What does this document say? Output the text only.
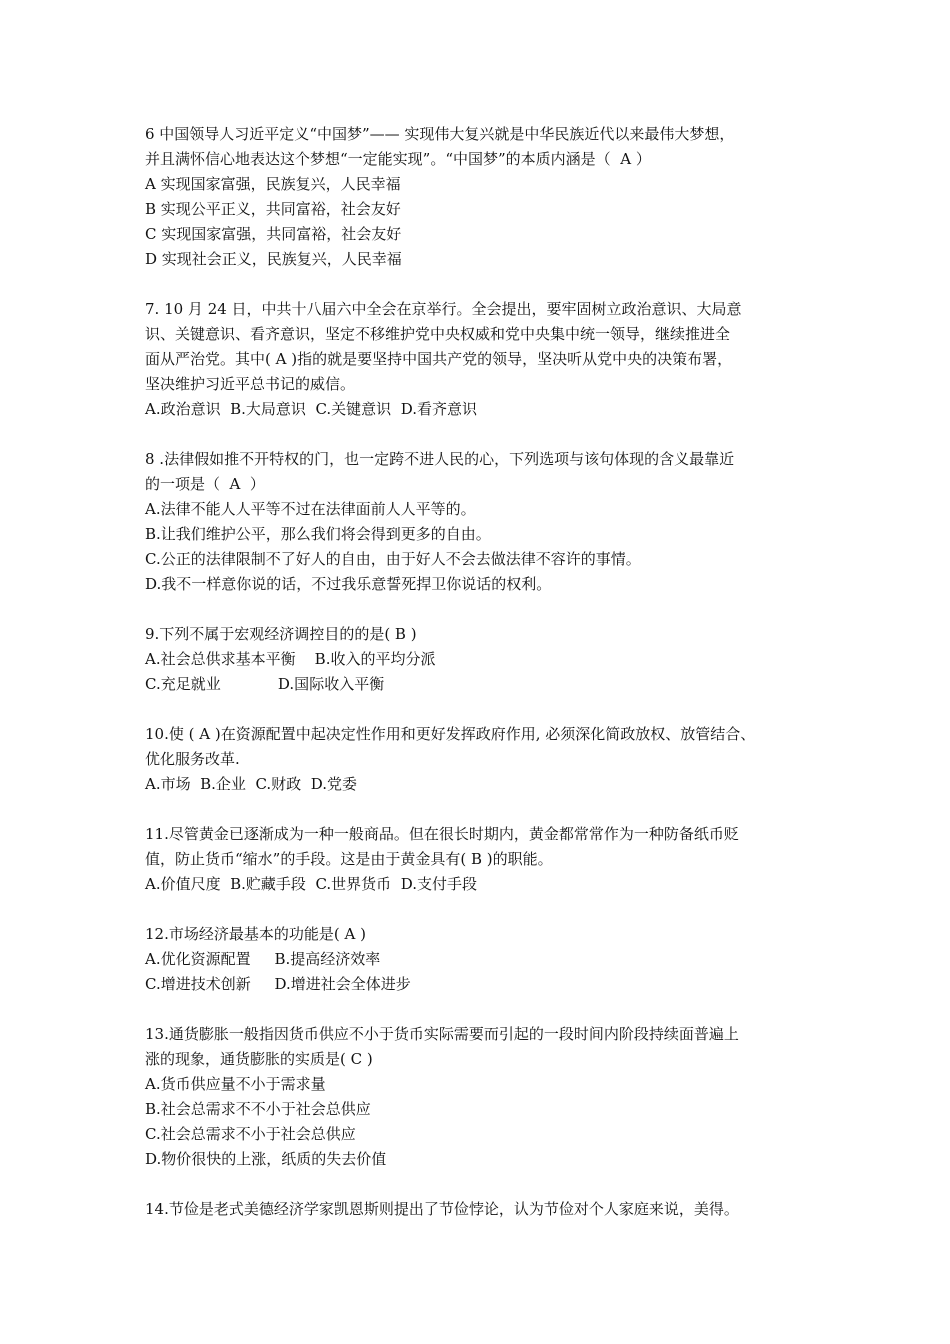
6 中国领导人习近平定义“中国梦”—— 实现伟大复兴就是中华民族近代以来最伟大梦想，
并且满怀信心地表达这个梦想“一定能实现”。“中国梦”的本质内涵是（  A ）
A 实现国家富强，民族复兴，人民幸福
B 实现公平正义，共同富裕，社会友好
C 实现国家富强，共同富裕，社会友好
D 实现社会正义，民族复兴，人民幸福
7. 10 月 24 日，中共十八届六中全会在京举行。全会提出，要牢固树立政治意识、大局意
识、关键意识、看齐意识，坚定不移维护党中央权威和党中央集中统一领导，继续推进全
面从严治党。其中( A )指的就是要坚持中国共产党的领导，坚决听从党中央的决策布署，
坚决维护习近平总书记的威信。
A.政治意识  B.大局意识  C.关键意识  D.看齐意识
8 .法律假如推不开特权的门，也一定跨不进人民的心，下列选项与该句体现的含义最靠近
的一项是（  A  ）
A.法律不能人人平等不过在法律面前人人平等的。
B.让我们维护公平，那么我们将会得到更多的自由。
C.公正的法律限制不了好人的自由，由于好人不会去做法律不容许的事情。
D.我不一样意你说的话，不过我乐意誓死捍卫你说话的权利。
9.下列不属于宏观经济调控目的的是( B )
A.社会总供求基本平衡    B.收入的平均分派
C.充足就业            D.国际收入平衡
10.使 ( A )在资源配置中起决定性作用和更好发挥政府作用, 必须深化简政放权、放管结合、
优化服务改革.
A.市场  B.企业  C.财政  D.党委
11.尽管黄金已逐渐成为一种一般商品。但在很长时期内，黄金都常常作为一种防备纸币贬
值，防止货币“缩水”的手段。这是由于黄金具有( B )的职能。
A.价值尺度  B.贮藏手段  C.世界货币  D.支付手段
12.市场经济最基本的功能是( A )
A.优化资源配置     B.提高经济效率
C.增进技术创新     D.增进社会全体进步
13.通货膨胀一般指因货币供应不小于货币实际需要而引起的一段时间内阶段持续面普遍上
涨的现象，通货膨胀的实质是( C )
A.货币供应量不小于需求量
B.社会总需求不不小于社会总供应
C.社会总需求不小于社会总供应
D.物价很快的上涨，纸质的失去价值
14.节俭是老式美德经济学家凯恩斯则提出了节俭悖论，认为节俭对个人家庭来说，美得。
